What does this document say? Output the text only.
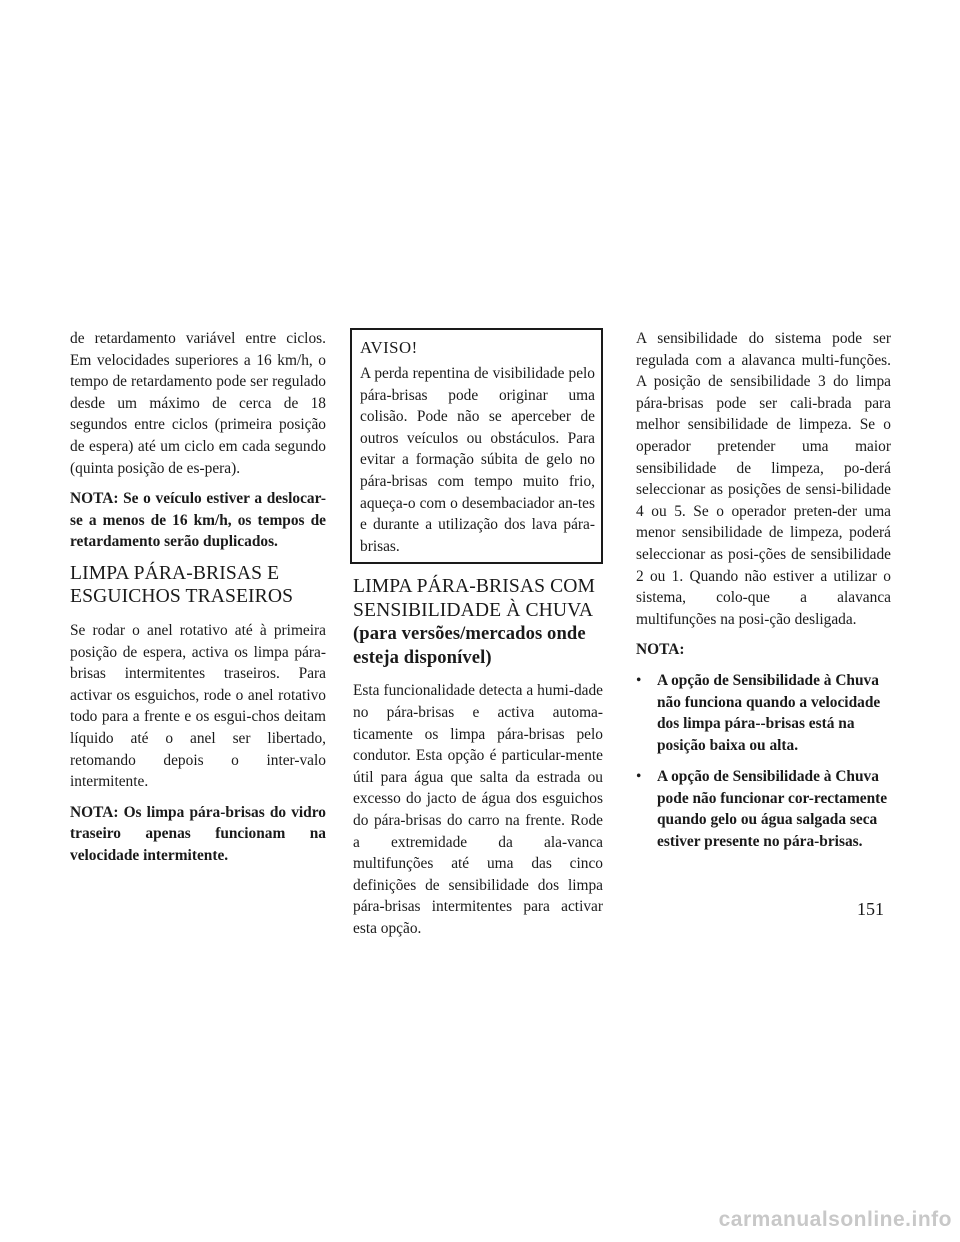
de retardamento variável entre ciclos. Em velocidades superiores a 16 km/h, o tempo de retardamento pode ser regulado desde um máximo de cerca de 18 segundos entre ciclos (primeira posição de espera) até um ciclo em cada segundo (quinta posição de es-pera).

NOTA: Se o veículo estiver a deslocar-se a menos de 16 km/h, os tempos de retardamento serão duplicados.

LIMPA PÁRA-BRISAS E ESGUICHOS TRASEIROS

Se rodar o anel rotativo até à primeira posição de espera, activa os limpa pára-brisas intermitentes traseiros. Para activar os esguichos, rode o anel rotativo todo para a frente e os esgui-chos deitam líquido até o anel ser libertado, retomando depois o inter-valo intermitente.

NOTA: Os limpa pára-brisas do vidro traseiro apenas funcionam na velocidade intermitente.

AVISO!

A perda repentina de visibilidade pelo pára-brisas pode originar uma colisão. Pode não se aperceber de outros veículos ou obstáculos. Para evitar a formação súbita de gelo no pára-brisas com tempo muito frio, aqueça-o com o desembaciador an-tes e durante a utilização dos lava pára-brisas.

LIMPA PÁRA-BRISAS COM SENSIBILIDADE À CHUVA (para versões/mercados onde esteja disponível)

Esta funcionalidade detecta a humi-dade no pára-brisas e activa automa-ticamente os limpa pára-brisas pelo condutor. Esta opção é particular-mente útil para água que salta da estrada ou excesso do jacto de água dos esguichos do pára-brisas do carro na frente. Rode a extremidade da ala-vanca multifunções até uma das cinco definições de sensibilidade dos limpa pára-brisas intermitentes para activar esta opção.

A sensibilidade do sistema pode ser regulada com a alavanca multi-funções. A posição de sensibilidade 3 do limpa pára-brisas pode ser cali-brada para melhor sensibilidade de limpeza. Se o operador pretender uma maior sensibilidade de limpeza, po-derá seleccionar as posições de sensi-bilidade 4 ou 5. Se o operador preten-der uma menor sensibilidade de limpeza, poderá seleccionar as posi-ções de sensibilidade 2 ou 1. Quando não estiver a utilizar o sistema, colo-que a alavanca multifunções na posi-ção desligada.

NOTA:
• A opção de Sensibilidade à Chuva não funciona quando a velocidade dos limpa pára--brisas está na posição baixa ou alta.
• A opção de Sensibilidade à Chuva pode não funcionar cor-rectamente quando gelo ou água salgada seca estiver presente no pára-brisas.
151
carmanualsonline.info
